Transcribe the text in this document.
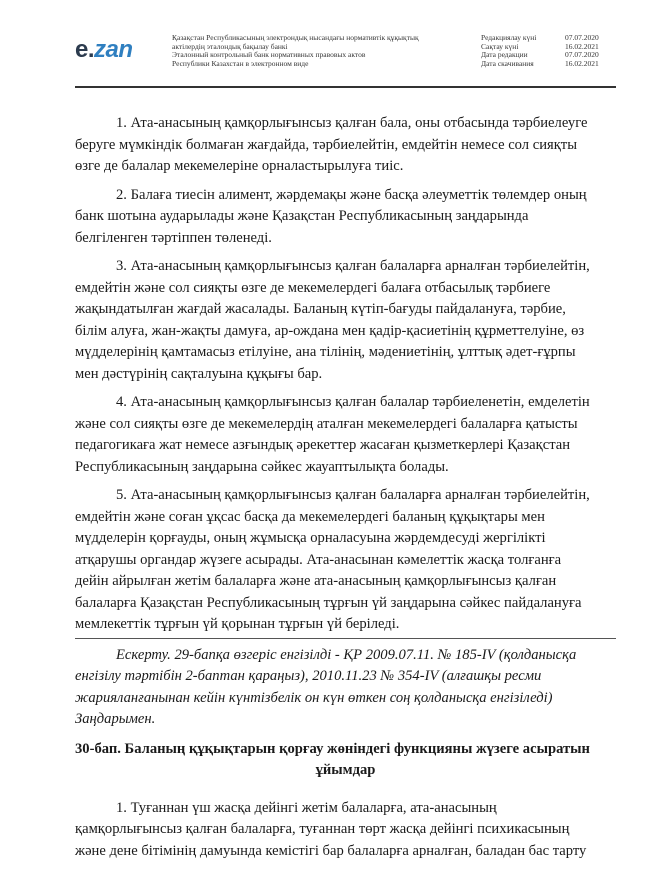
e.zan	Қазақстан Республикасының электрондық нысандағы нормативтік құқықтық
актілердің эталондық бақылау банкі
Эталонный контрольный банк нормативных правовых актов
Республики Казахстан в электронном виде
Редакциялау күні	07.07.2020
Сақтау күні	16.02.2021
Дата редакции	07.07.2020
Дата скачивания	16.02.2021
1. Ата-анасының қамқорлығынсыз қалған бала, оны отбасында тәрбиелеуге
беруге мүмкіндік болмаған жағдайда, тәрбиелейтін, емдейтін немесе сол сияқты
өзге де балалар мекемелеріне орналастырылуға тиіс.
2. Балаға тиесін алимент, жәрдемақы және басқа әлеуметтік төлемдер оның
банк шотына аударылады және Қазақстан Республикасының заңдарында
белгіленген тәртіппен төленеді.
3. Ата-анасының қамқорлығынсыз қалған балаларға арналған тәрбиелейтін,
емдейтін және сол сияқты өзге де мекемелердегі балаға отбасылық тәрбиеге
жақындатылған жағдай жасалады. Баланың күтіп-бағуды пайдалануға, тәрбие,
білім алуға, жан-жақты дамуға, ар-ождана мен қадір-қасиетінің құрметтелуіне, өз
мүдделерінің қамтамасыз етілуіне, ана тілінің, мәдениетінің, ұлттық әдет-ғұрпы
мен дәстүрінің сақталуына құқығы бар.
4. Ата-анасының қамқорлығынсыз қалған балалар тәрбиеленетін, емделетін
және сол сияқты өзге де мекемелердің аталған мекемелердегі балаларға қатысты
педагогикаға жат немесе азғындық әрекеттер жасаған қызметкерлері Қазақстан
Республикасының заңдарына сәйкес жауаптылықта болады.
5. Ата-анасының қамқорлығынсыз қалған балаларға арналған тәрбиелейтін,
емдейтін және соған ұқсас басқа да мекемелердегі баланың құқықтары мен
мүдделерін қорғауды, оның жұмысқа орналасуына жәрдемдесуді жергілікті
атқарушы органдар жүзеге асырады. Ата-анасынан кәмелеттік жасқа толғанға
дейін айрылған жетім балаларға және ата-анасының қамқорлығынсыз қалған
балаларға Қазақстан Республикасының тұрғын үй заңдарына сәйкес пайдалануға
мемлекеттік тұрғын үй қорынан тұрғын үй беріледі.
Ескерту. 29-бапқа өзгеріс енгізілді - ҚР 2009.07.11. № 185-IV (қолданысқа
енгізілу тәртібін 2-баптан қараңыз), 2010.11.23 № 354-IV (алғашқы ресми
жарияланғанынан кейін күнтізбелік он күн өткен соң қолданысқа енгізіледі)
Заңдарымен.
30-бап. Баланың құқықтарын қорғау жөніндегі функцияны жүзеге асыратын
ұйымдар
1. Туғаннан үш жасқа дейінгі жетім балаларға, ата-анасының
қамқорлығынсыз қалған балаларға, туғаннан төрт жасқа дейінгі психикасының
және дене бітімінің дамуында кемістігі бар балаларға арналған, баладан бас тарту
